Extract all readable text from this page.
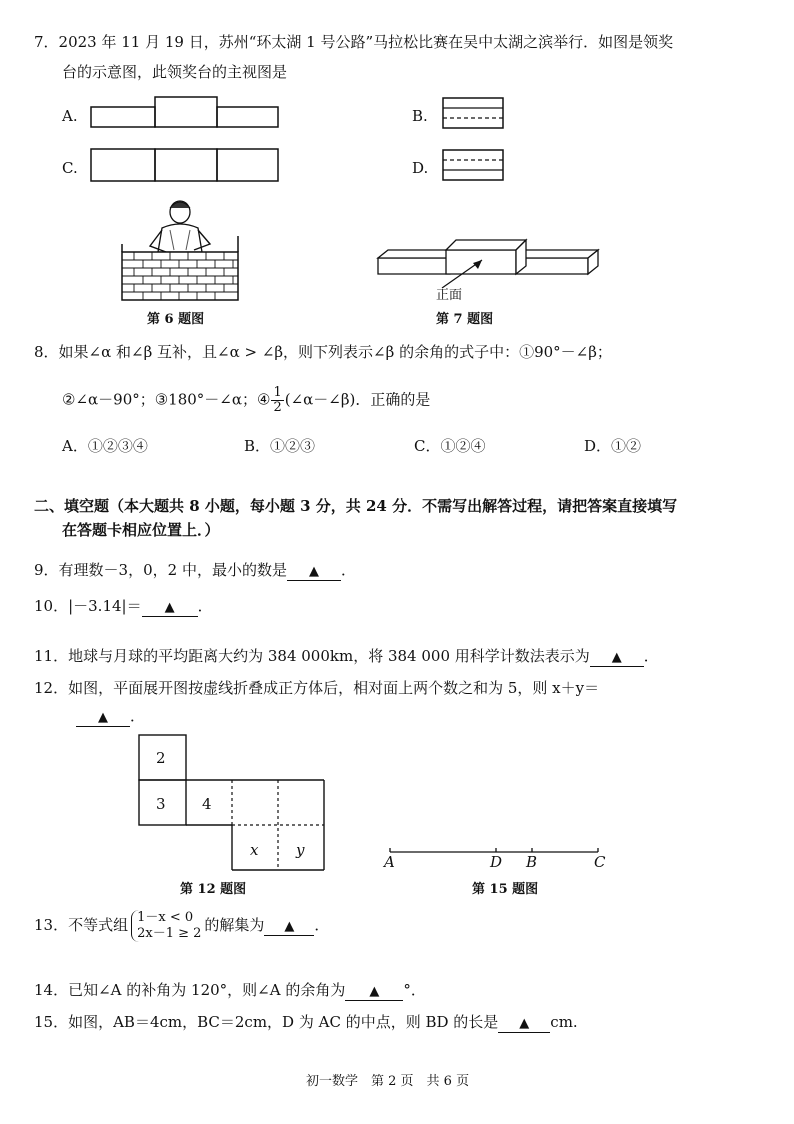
7．2023 年 11 月 19 日，苏州“环太湖 1 号公路”马拉松比赛在吴中太湖之滨举行．如图是领奖
台的示意图，此领奖台的主视图是
A.	B.
C.	D.
第 6 题图
正面
第 7 题图
8．如果∠α 和∠β 互补，且∠α > ∠β，则下列表示∠β 的余角的式子中：①90°－∠β；
②∠α－90°；③180°－∠α；④ $\frac{1}{2}$ (∠α－∠β)．正确的是
A．①②③④	B．①②③	C．①②④	D．①②
二、填空题（本大题共 8 小题，每小题 3 分，共 24 分．不需写出解答过程，请把答案直接填写
在答题卡相应位置上．）
9．有理数－3，0，2 中，最小的数是 ▲ ．
10．|－3.14|＝ ▲ ．
11．地球与月球的平均距离大约为 384 000km，将 384 000 用科学计数法表示为 ▲ ．
12．如图，平面展开图按虚线折叠成正方体后，相对面上两个数之和为 5，则 x＋y＝
▲ ．
2
3 4
x	y
第 12 题图
A	D B	C
第 15 题图
13．不等式组 1－x < 0
2x－1 ≥ 2 的解集为 ▲ ．
14．已知∠A 的补角为 120°，则∠A 的余角为 ▲ °．
15．如图，AB＝4cm，BC＝2cm，D 为 AC 的中点，则 BD 的长是 ▲ cm.
初一数学　第 2 页　共 6 页
